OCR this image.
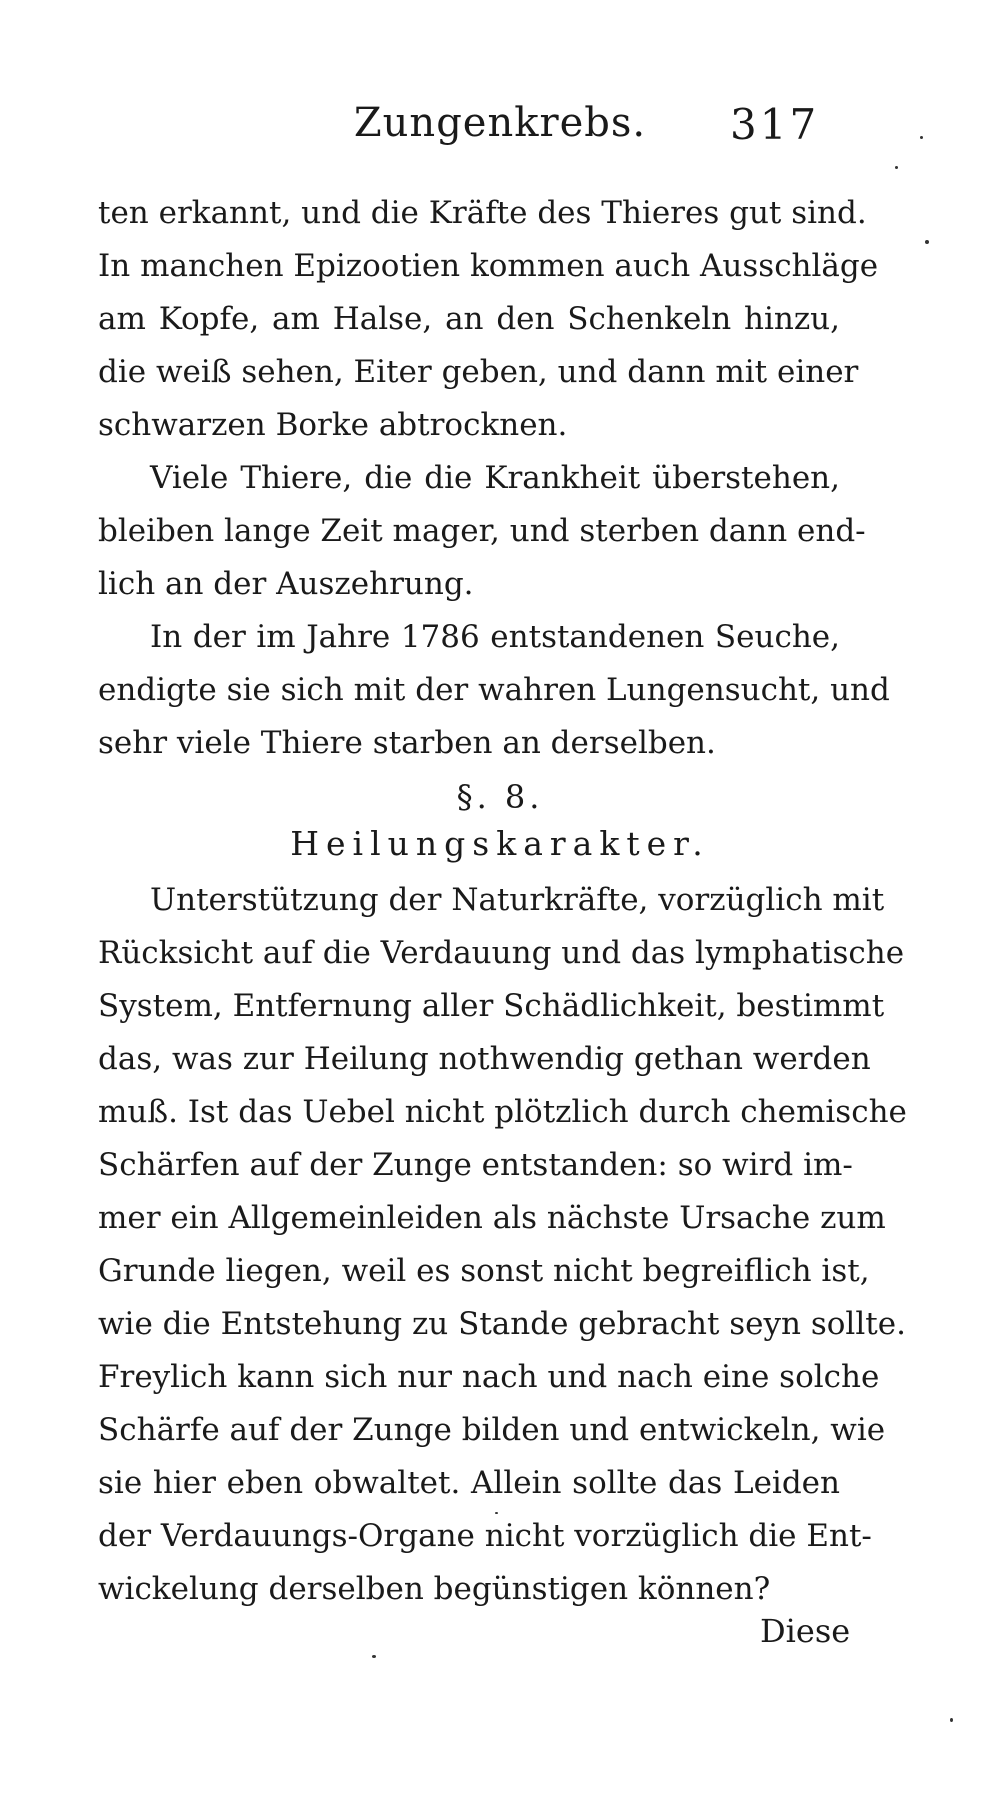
Zungenkrebs.	317
ten erkannt, und die Kräfte des Thieres gut sind.
In manchen Epizootien kommen auch Ausschläge
am Kopfe, am Halse, an den Schenkeln hinzu,
die weiß sehen, Eiter geben, und dann mit einer
schwarzen Borke abtrocknen.
Viele Thiere, die die Krankheit überstehen,
bleiben lange Zeit mager, und sterben dann end-
lich an der Auszehrung.
In der im Jahre 1786 entstandenen Seuche,
endigte sie sich mit der wahren Lungensucht, und
sehr viele Thiere starben an derselben.
§. 8.
Heilungskarakter.
Unterstützung der Naturkräfte, vorzüglich mit
Rücksicht auf die Verdauung und das lymphatische
System, Entfernung aller Schädlichkeit, bestimmt
das, was zur Heilung nothwendig gethan werden
muß. Ist das Uebel nicht plötzlich durch chemische
Schärfen auf der Zunge entstanden: so wird im-
mer ein Allgemeinleiden als nächste Ursache zum
Grunde liegen, weil es sonst nicht begreiflich ist,
wie die Entstehung zu Stande gebracht seyn sollte.
Freylich kann sich nur nach und nach eine solche
Schärfe auf der Zunge bilden und entwickeln, wie
sie hier eben obwaltet. Allein sollte das Leiden
der Verdauungs-Organe nicht vorzüglich die Ent-
wickelung derselben begünstigen können?
Diese
